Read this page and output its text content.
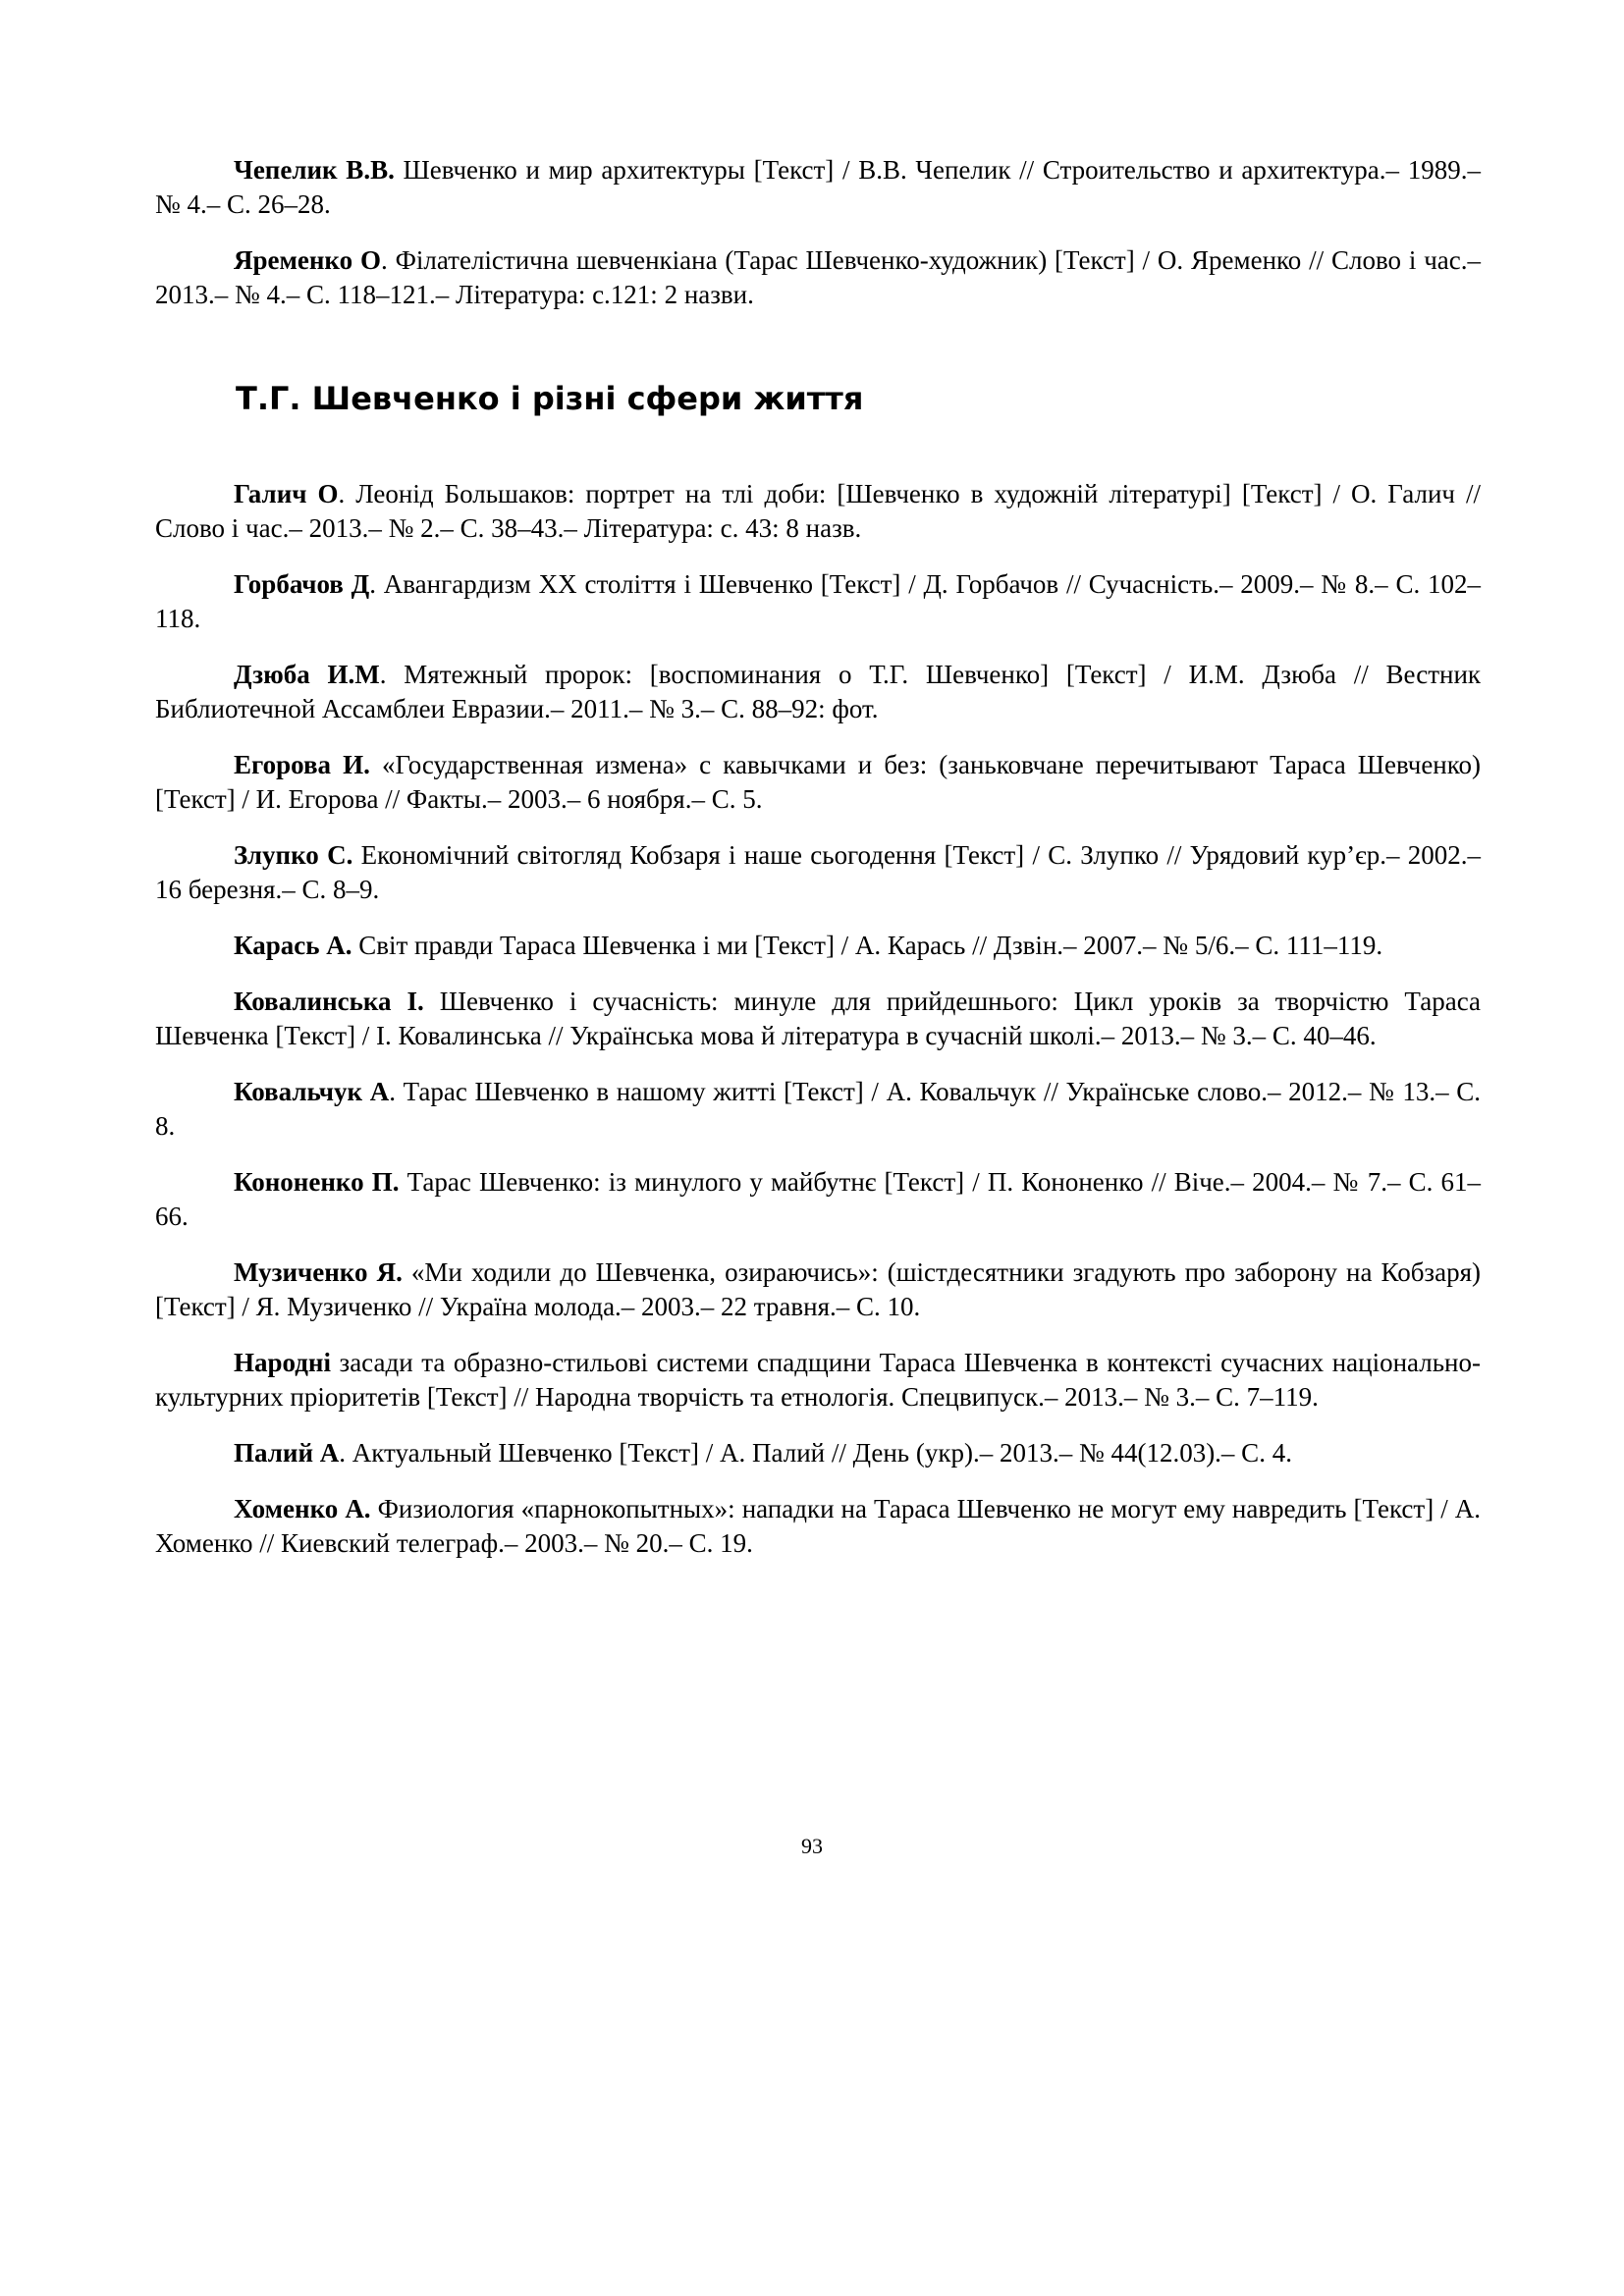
Чепелик В.В. Шевченко и мир архитектуры [Текст] / В.В. Чепелик // Строительство и архитектура.– 1989.– № 4.– С. 26–28.

Яременко О. Філателістична шевченкіана (Тарас Шевченко-художник) [Текст] / О. Яременко // Слово і час.– 2013.– № 4.– С. 118–121.– Література: с.121: 2 назви.

Т.Г. Шевченко і різні сфери життя

Галич О. Леонід Большаков: портрет на тлі доби: [Шевченко в художній літературі] [Текст] / О. Галич // Слово і час.– 2013.– № 2.– С. 38–43.– Література: с. 43: 8 назв.

Горбачов Д. Авангардизм XX століття і Шевченко [Текст] / Д. Горбачов // Сучасність.– 2009.– № 8.– С. 102–118.

Дзюба И.М. Мятежный пророк: [воспоминания о Т.Г. Шевченко] [Текст] / И.М. Дзюба // Вестник Библиотечной Ассамблеи Евразии.– 2011.– № 3.– С. 88–92: фот.

Егорова И. «Государственная измена» с кавычками и без: (заньковчане перечитывают Тараса Шевченко) [Текст] / И. Егорова // Факты.– 2003.– 6 ноября.– С. 5.

Злупко С. Економічний світогляд Кобзаря і наше сьогодення [Текст] / С. Злупко // Урядовий кур’єр.– 2002.– 16 березня.– С. 8–9.

Карась А. Світ правди Тараса Шевченка і ми [Текст] / А. Карась // Дзвін.– 2007.– № 5/6.– С. 111–119.

Ковалинська І. Шевченко і сучасність: минуле для прийдешнього: Цикл уроків за творчістю Тараса Шевченка [Текст] / І. Ковалинська // Українська мова й література в сучасній школі.– 2013.– № 3.– С. 40–46.

Ковальчук А. Тарас Шевченко в нашому житті [Текст] / А. Ковальчук // Українське слово.– 2012.– № 13.– С. 8.

Кононенко П. Тарас Шевченко: із минулого у майбутнє [Текст] / П. Кононенко // Віче.– 2004.– № 7.– С. 61–66.

Музиченко Я. «Ми ходили до Шевченка, озираючись»: (шістдесятники згадують про заборону на Кобзаря) [Текст] / Я. Музиченко // Україна молода.– 2003.– 22 травня.– С. 10.

Народні засади та образно-стильові системи спадщини Тараса Шевченка в контексті сучасних національно-культурних пріоритетів [Текст] // Народна творчість та етнологія. Спецвипуск.– 2013.– № 3.– С. 7–119.

Палий А. Актуальный Шевченко [Текст] / А. Палий // День (укр).– 2013.– № 44(12.03).– С. 4.

Хоменко А. Физиология «парнокопытных»: нападки на Тараса Шевченко не могут ему навредить [Текст] / А. Хоменко // Киевский телеграф.– 2003.– № 20.– С. 19.

93
